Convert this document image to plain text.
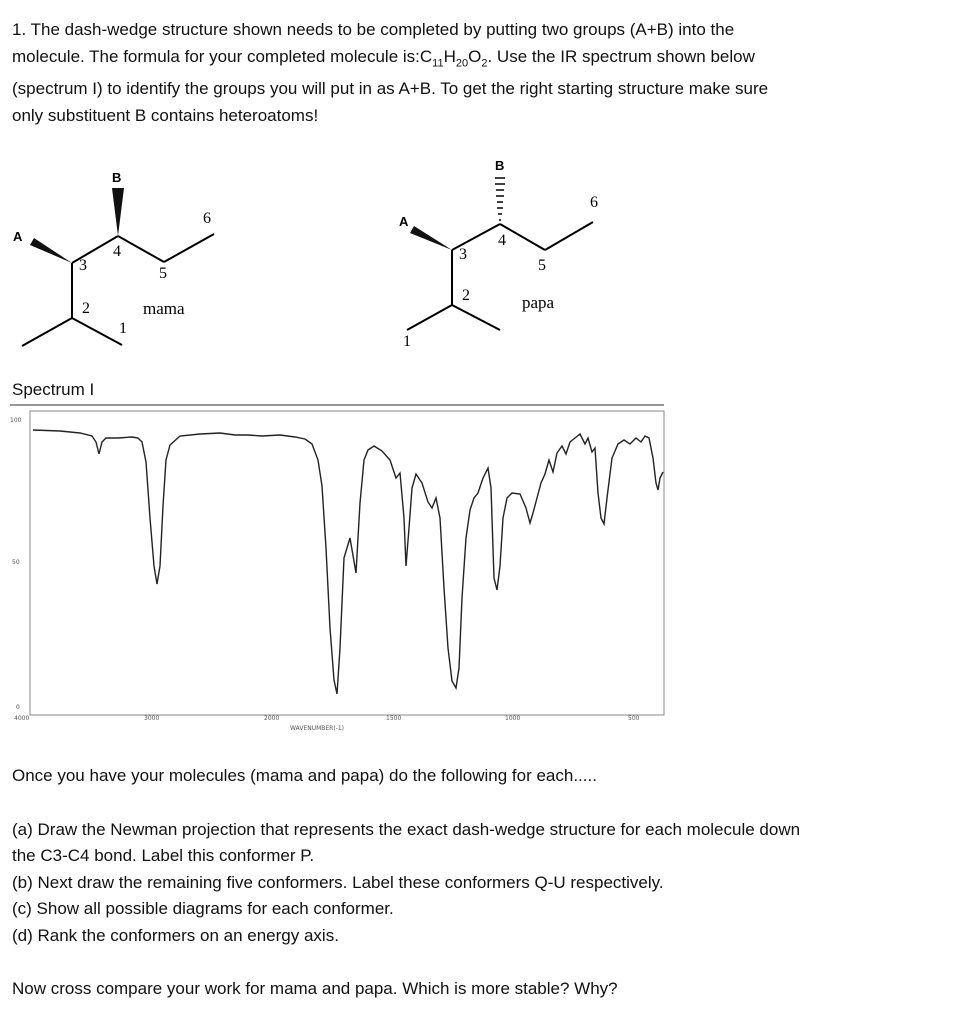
1. The dash-wedge structure shown needs to be completed by putting two groups (A+B) into the
molecule. The formula for your completed molecule $is:C_{11}H_{20}O_2$. Use the IR spectrum shown below
(spectrum I) to identify the groups you will put in as A+B. To get the right starting structure make sure
only substituent B contains heteroatoms!
A
B
1
2
3
4
5
6
mama
A
B
1
2
3
4
5
6
papa
Spectrum I
100
50
0
4000	3000	2000	1500	1000	500
WAVENUMBER(-1)
Once you have your molecules (mama and papa) do the following for each.....
(a) Draw the Newman projection that represents the exact dash-wedge structure for each molecule down
the C3-C4 bond. Label this conformer P.
(b) Next draw the remaining five conformers. Label these conformers Q-U respectively.
(c) Show all possible diagrams for each conformer.
(d) Rank the conformers on an energy axis.
Now cross compare your work for mama and papa. Which is more stable? Why?
